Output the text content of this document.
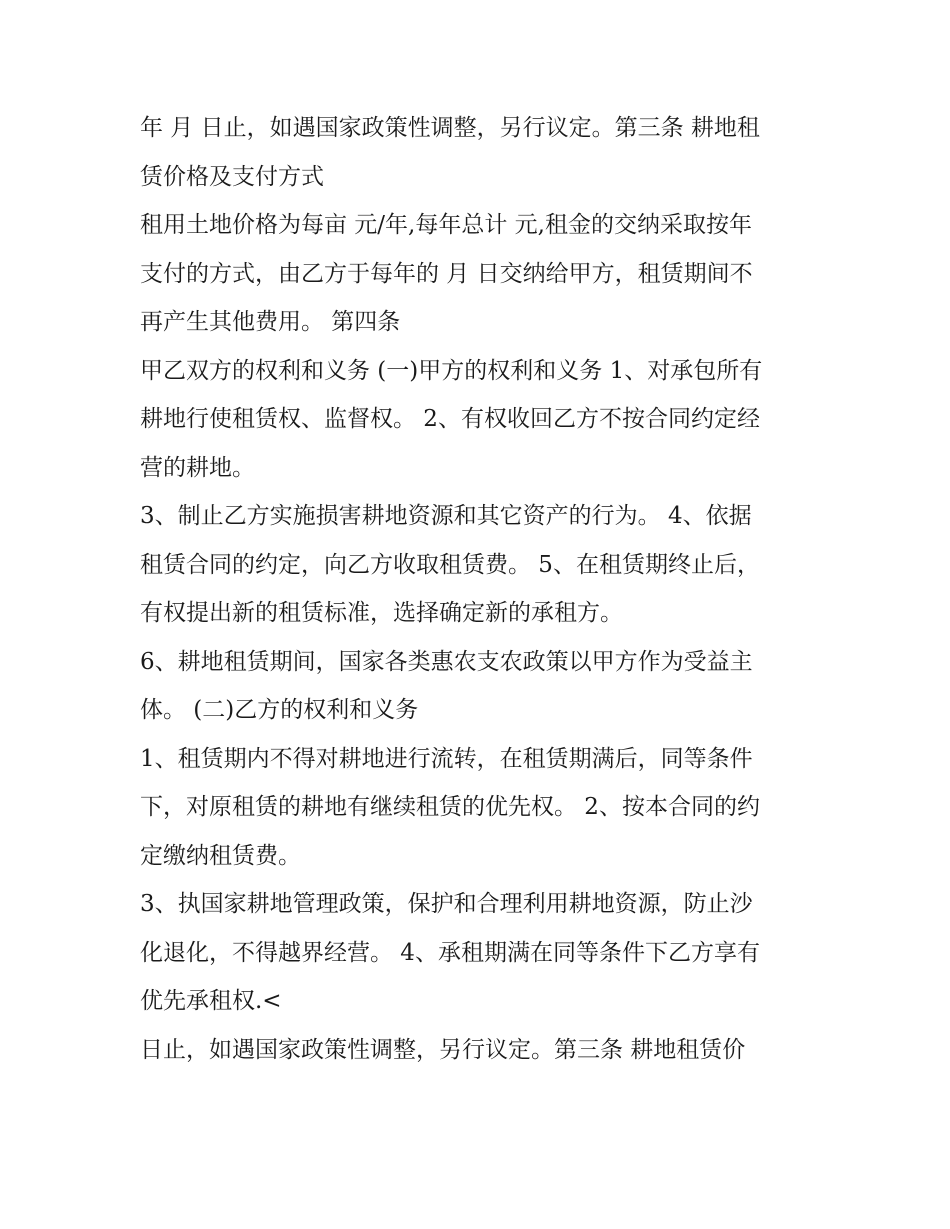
年 月 日止，如遇国家政策性调整，另行议定。第三条 耕地租
赁价格及支付方式

租用土地价格为每亩 元/年,每年总计 元,租金的交纳采取按年
支付的方式，由乙方于每年的 月 日交纳给甲方，租赁期间不
再产生其他费用。 第四条

甲乙双方的权利和义务 (一)甲方的权利和义务 1、对承包所有
耕地行使租赁权、监督权。 2、有权收回乙方不按合同约定经
营的耕地。

3、制止乙方实施损害耕地资源和其它资产的行为。 4、依据
租赁合同的约定，向乙方收取租赁费。 5、在租赁期终止后，
有权提出新的租赁标准，选择确定新的承租方。

6、耕地租赁期间，国家各类惠农支农政策以甲方作为受益主
体。 (二)乙方的权利和义务

1、租赁期内不得对耕地进行流转，在租赁期满后，同等条件
下，对原租赁的耕地有继续租赁的优先权。 2、按本合同的约
定缴纳租赁费。

3、执国家耕地管理政策，保护和合理利用耕地资源，防止沙
化退化，不得越界经营。 4、承租期满在同等条件下乙方享有
优先承租权.<

日止，如遇国家政策性调整，另行议定。第三条 耕地租赁价
